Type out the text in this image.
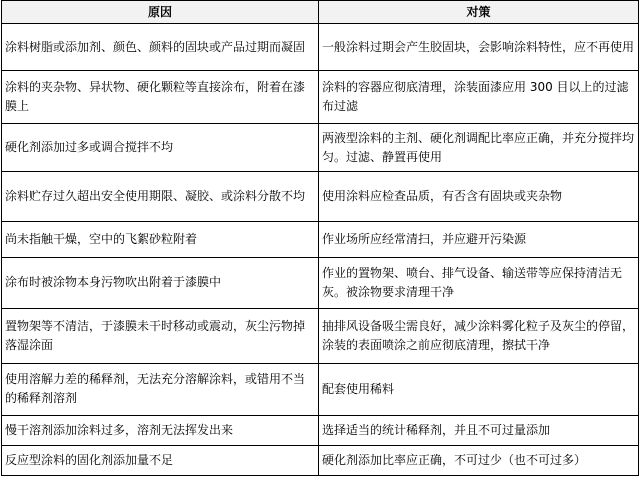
原因	对策
涂料树脂或添加剂、颜色、颜料的固块或产品过期而凝固	一般涂料过期会产生胶固块，会影响涂料特性，应不再使用
涂料的夹杂物、异状物、硬化颗粒等直接涂布，附着在漆膜上	涂料的容器应彻底清理，涂装面漆应用 300 目以上的过滤布过滤
硬化剂添加过多或调合搅拌不均	两液型涂料的主剂、硬化剂调配比率应正确，并充分搅拌均匀。过滤、静置再使用
涂料贮存过久超出安全使用期限、凝胶、或涂料分散不均	使用涂料应检查品质，有否含有固块或夹杂物
尚未指触干燥，空中的飞絮砂粒附着	作业场所应经常清扫，并应避开污染源
涂布时被涂物本身污物吹出附着于漆膜中	作业的置物架、喷台、排气设备、输送带等应保持清洁无灰。被涂物要求清理干净
置物架等不清洁，于漆膜未干时移动或震动，灰尘污物掉落湿涂面	抽排风设备吸尘需良好，减少涂料雾化粒子及灰尘的停留，涂装的表面喷涂之前应彻底清理，擦拭干净
使用溶解力差的稀释剂，无法充分溶解涂料，或错用不当的稀释剂溶剂	配套使用稀料
慢干溶剂添加涂料过多，溶剂无法挥发出来	选择适当的统计稀释剂，并且不可过量添加
反应型涂料的固化剂添加量不足	硬化剂添加比率应正确，不可过少（也不可过多）
